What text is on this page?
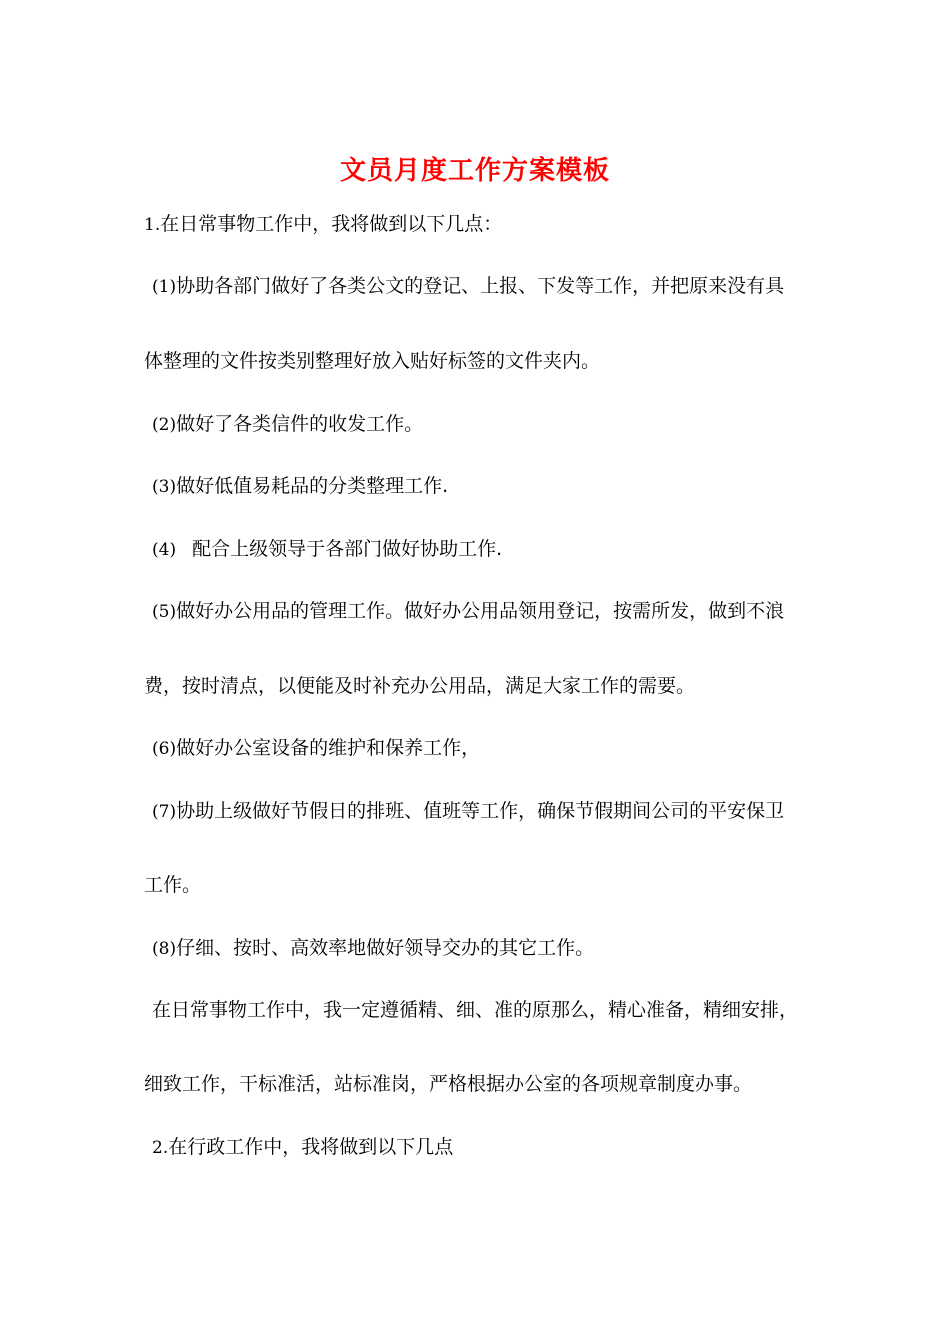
文员月度工作方案模板
1.在日常事物工作中，我将做到以下几点：
(1)协助各部门做好了各类公文的登记、上报、下发等工作，并把原来没有具
体整理的文件按类别整理好放入贴好标签的文件夹内。
(2)做好了各类信件的收发工作。
(3)做好低值易耗品的分类整理工作.
(4) 配合上级领导于各部门做好协助工作.
(5)做好办公用品的管理工作。做好办公用品领用登记，按需所发，做到不浪
费，按时清点，以便能及时补充办公用品，满足大家工作的需要。
(6)做好办公室设备的维护和保养工作，
(7)协助上级做好节假日的排班、值班等工作，确保节假期间公司的平安保卫
工作。
(8)仔细、按时、高效率地做好领导交办的其它工作。
在日常事物工作中，我一定遵循精、细、准的原那么，精心准备，精细安排，
细致工作，干标准活，站标准岗，严格根据办公室的各项规章制度办事。
2.在行政工作中，我将做到以下几点
